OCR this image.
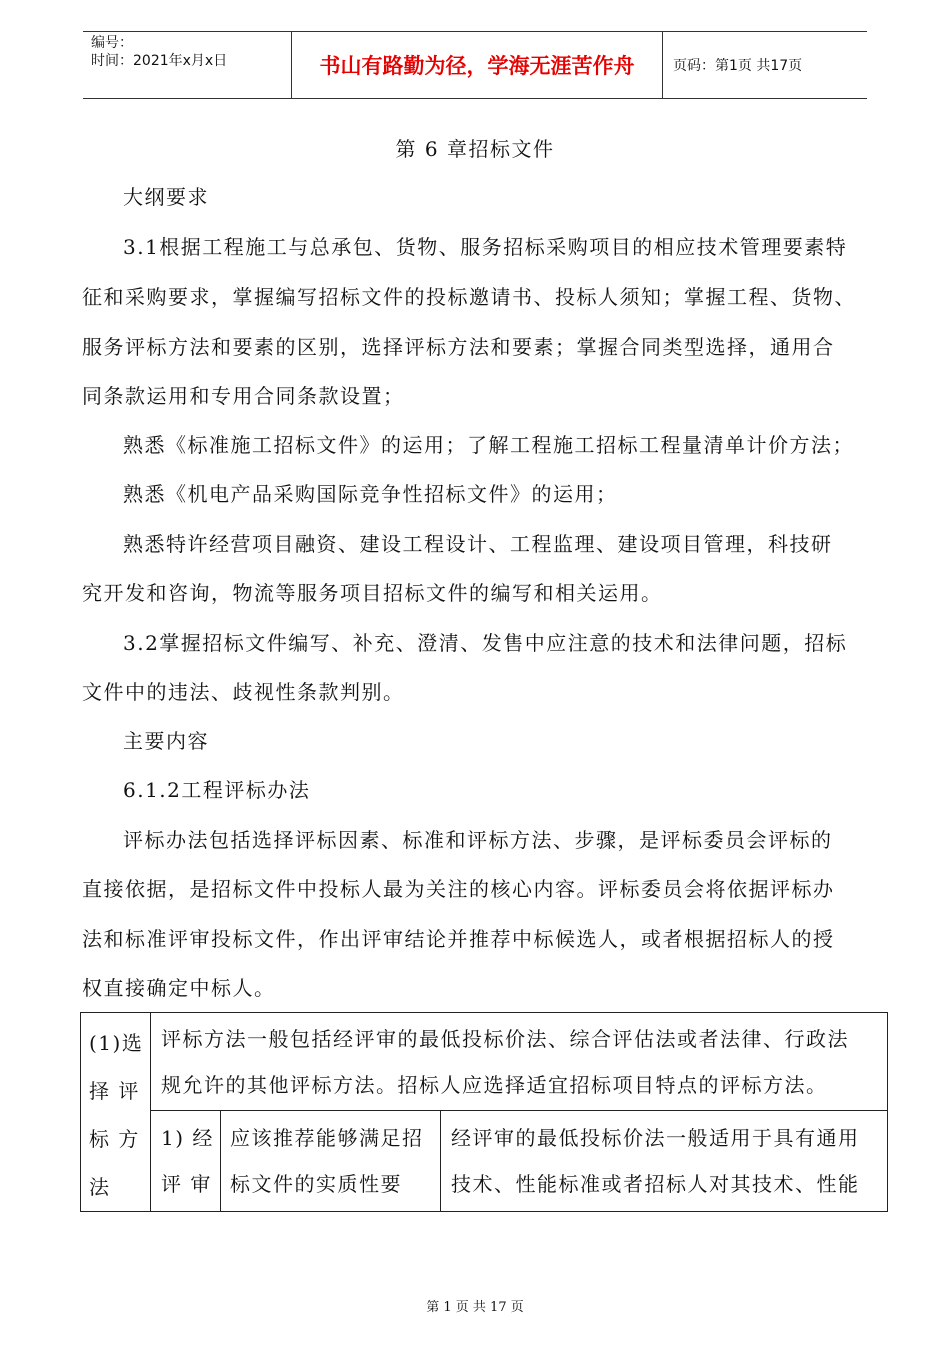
编号：
时间：2021年x月x日	书山有路勤为径，学海无涯苦作舟	页码：第1页 共17页
第 6 章招标文件
大纲要求
3.1根据工程施工与总承包、货物、服务招标采购项目的相应技术管理要素特
征和采购要求，掌握编写招标文件的投标邀请书、投标人须知；掌握工程、货物、
服务评标方法和要素的区别，选择评标方法和要素；掌握合同类型选择，通用合
同条款运用和专用合同条款设置；
熟悉《标准施工招标文件》的运用；了解工程施工招标工程量清单计价方法；
熟悉《机电产品采购国际竞争性招标文件》的运用；
熟悉特许经营项目融资、建设工程设计、工程监理、建设项目管理，科技研
究开发和咨询，物流等服务项目招标文件的编写和相关运用。
3.2掌握招标文件编写、补充、澄清、发售中应注意的技术和法律问题，招标
文件中的违法、歧视性条款判别。
主要内容
6.1.2工程评标办法
评标办法包括选择评标因素、标准和评标方法、步骤，是评标委员会评标的
直接依据，是招标文件中投标人最为关注的核心内容。评标委员会将依据评标办
法和标准评审投标文件，作出评审结论并推荐中标候选人，或者根据招标人的授
权直接确定中标人。
(1)选
择 评
标 方
法
评标方法一般包括经评审的最低投标价法、综合评估法或者法律、行政法
规允许的其他评标方法。招标人应选择适宜招标项目特点的评标方法。
1) 经
评 审
应该推荐能够满足招
标文件的实质性要
经评审的最低投标价法一般适用于具有通用
技术、性能标准或者招标人对其技术、性能
第 1 页 共 17 页
